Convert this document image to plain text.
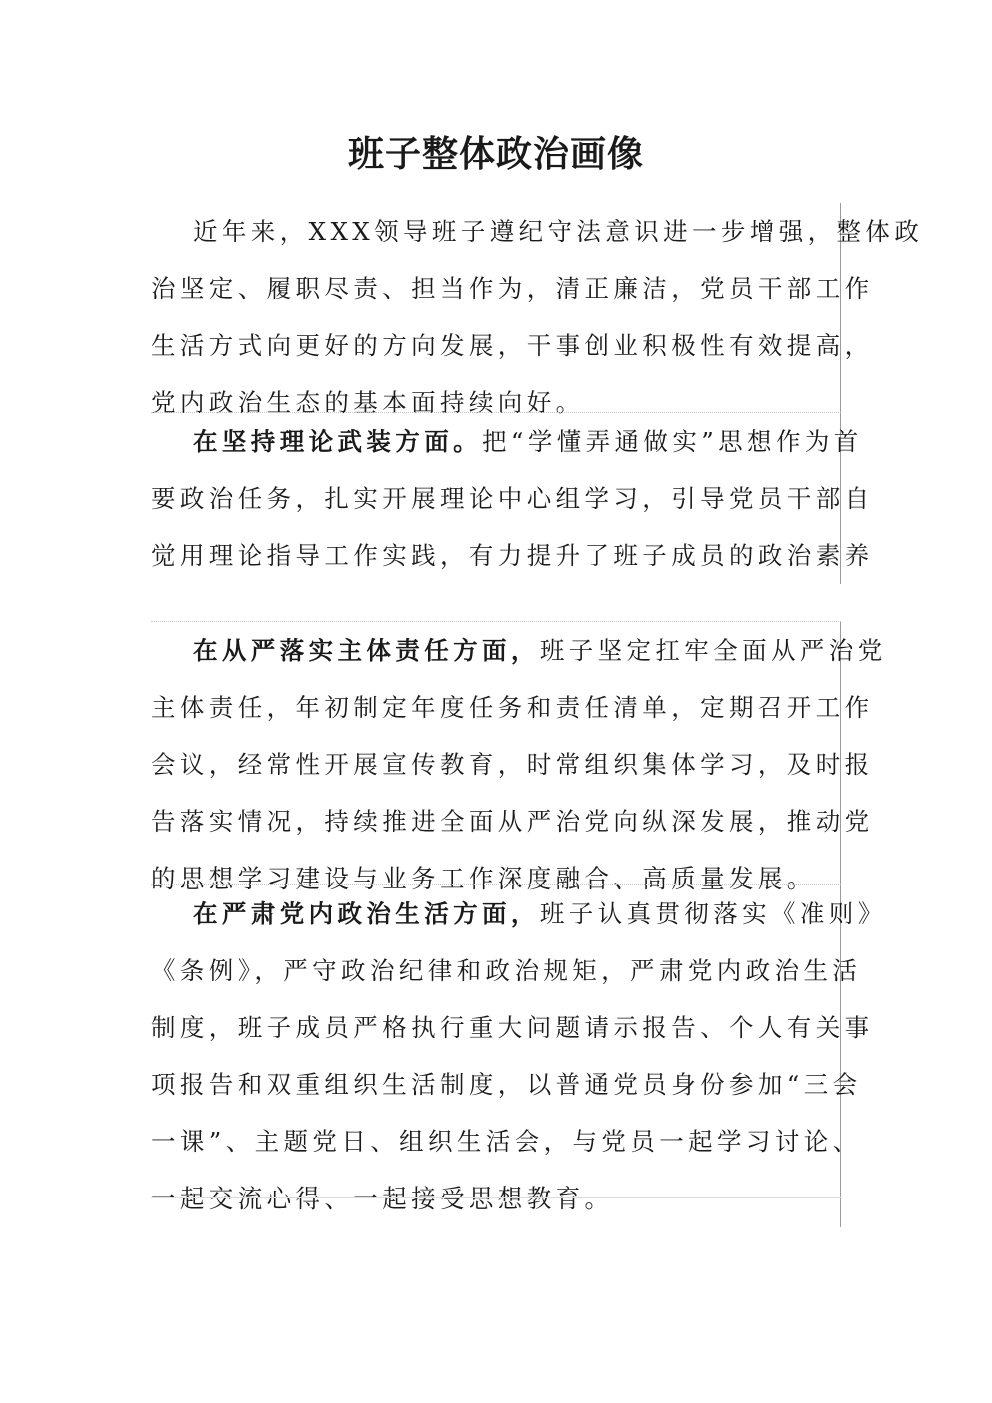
班子整体政治画像
近年来，XXX领导班子遵纪守法意识进一步增强，整体政
治坚定、履职尽责、担当作为，清正廉洁，党员干部工作
生活方式向更好的方向发展，干事创业积极性有效提高，
党内政治生态的基本面持续向好。
在坚持理论武装方面。把“学懂弄通做实”思想作为首
要政治任务，扎实开展理论中心组学习，引导党员干部自
觉用理论指导工作实践，有力提升了班子成员的政治素养
在从严落实主体责任方面，班子坚定扛牢全面从严治党
主体责任，年初制定年度任务和责任清单，定期召开工作
会议，经常性开展宣传教育，时常组织集体学习，及时报
告落实情况，持续推进全面从严治党向纵深发展，推动党
的思想学习建设与业务工作深度融合、高质量发展。
在严肃党内政治生活方面，班子认真贯彻落实《准则》
《条例》，严守政治纪律和政治规矩，严肃党内政治生活
制度，班子成员严格执行重大问题请示报告、个人有关事
项报告和双重组织生活制度，以普通党员身份参加“三会
一课”、主题党日、组织生活会，与党员一起学习讨论、
一起交流心得、一起接受思想教育。
